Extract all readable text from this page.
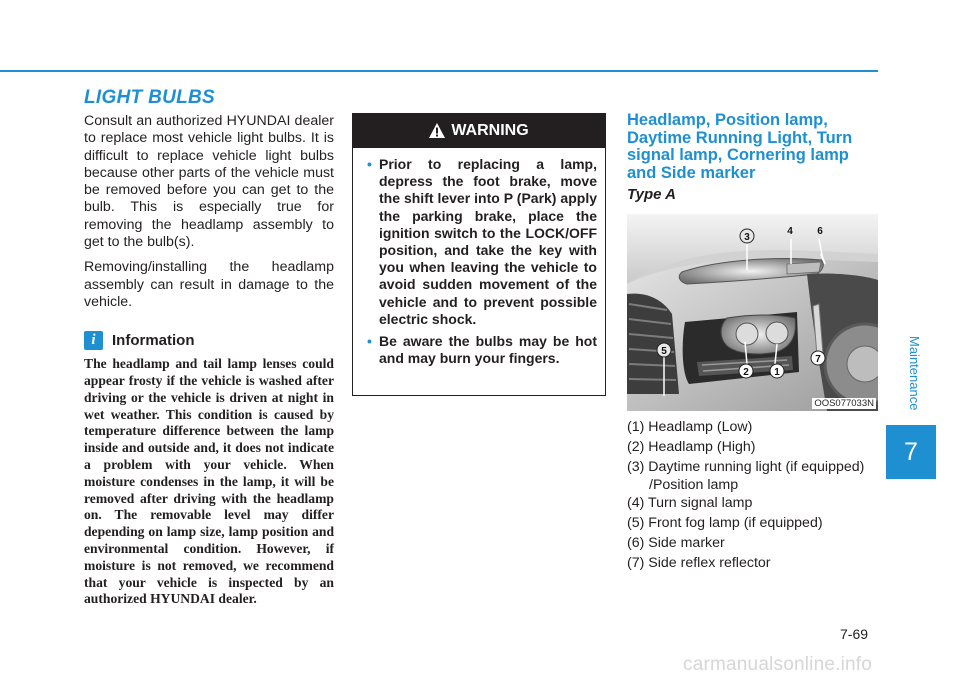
Maintenance
7
LIGHT BULBS

Consult an authorized HYUNDAI dealer to replace most vehicle light bulbs. It is difficult to replace vehicle light bulbs because other parts of the vehicle must be removed before you can get to the bulb. This is especially true for removing the headlamp assembly to get to the bulb(s).

Removing/installing the headlamp assembly can result in damage to the vehicle.

i	Information

The headlamp and tail lamp lenses could appear frosty if the vehicle is washed after driving or the vehicle is driven at night in wet weather. This condition is caused by temperature difference between the lamp inside and outside and, it does not indicate a problem with your vehicle. When moisture condenses in the lamp, it will be removed after driving with the headlamp on. The removable level may differ depending on lamp size, lamp position and environmental condition. However, if moisture is not removed, we recommend that your vehicle is inspected by an authorized HYUNDAI dealer.

WARNING
• Prior to replacing a lamp, depress the foot brake, move the shift lever into P (Park) apply the parking brake, place the ignition switch to the LOCK/OFF position, and take the key with you when leaving the vehicle to avoid sudden movement of the vehicle and to prevent possible electric shock.
• Be aware the bulbs may be hot and may burn your fingers.
Headlamp, Position lamp, Daytime Running Light, Turn signal lamp, Cornering lamp and Side marker
Type A
3
4 6
5
2	1
7
OOS077033N
(1) Headlamp (Low)
(2) Headlamp (High)
(3) Daytime running light (if equipped)
/Position lamp
(4) Turn signal lamp
(5) Front fog lamp (if equipped)
(6) Side marker
(7) Side reflex reflector
7-69
carmanualsonline.info
